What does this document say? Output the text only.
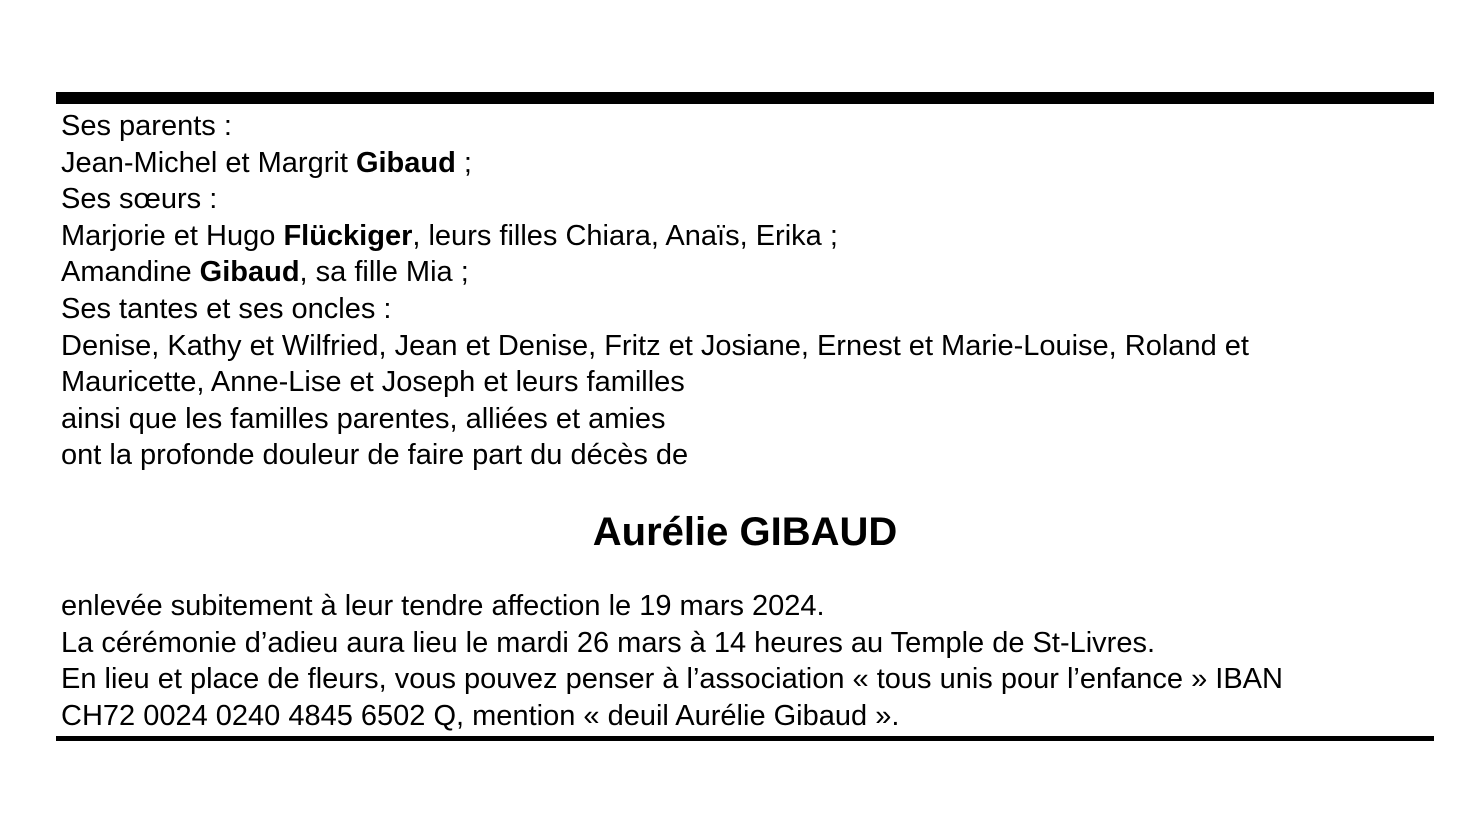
Ses parents :
Jean-Michel et Margrit Gibaud ;
Ses sœurs :
Marjorie et Hugo Flückiger, leurs filles Chiara, Anaïs, Erika ;
Amandine Gibaud, sa fille Mia ;
Ses tantes et ses oncles :
Denise, Kathy et Wilfried, Jean et Denise, Fritz et Josiane, Ernest et Marie-Louise, Roland et
Mauricette, Anne-Lise et Joseph et leurs familles
ainsi que les familles parentes, alliées et amies
ont la profonde douleur de faire part du décès de
Aurélie GIBAUD
enlevée subitement à leur tendre affection le 19 mars 2024.
La cérémonie d’adieu aura lieu le mardi 26 mars à 14 heures au Temple de St-Livres.
En lieu et place de fleurs, vous pouvez penser à l’association « tous unis pour l’enfance » IBAN
CH72 0024 0240 4845 6502 Q, mention « deuil Aurélie Gibaud ».
